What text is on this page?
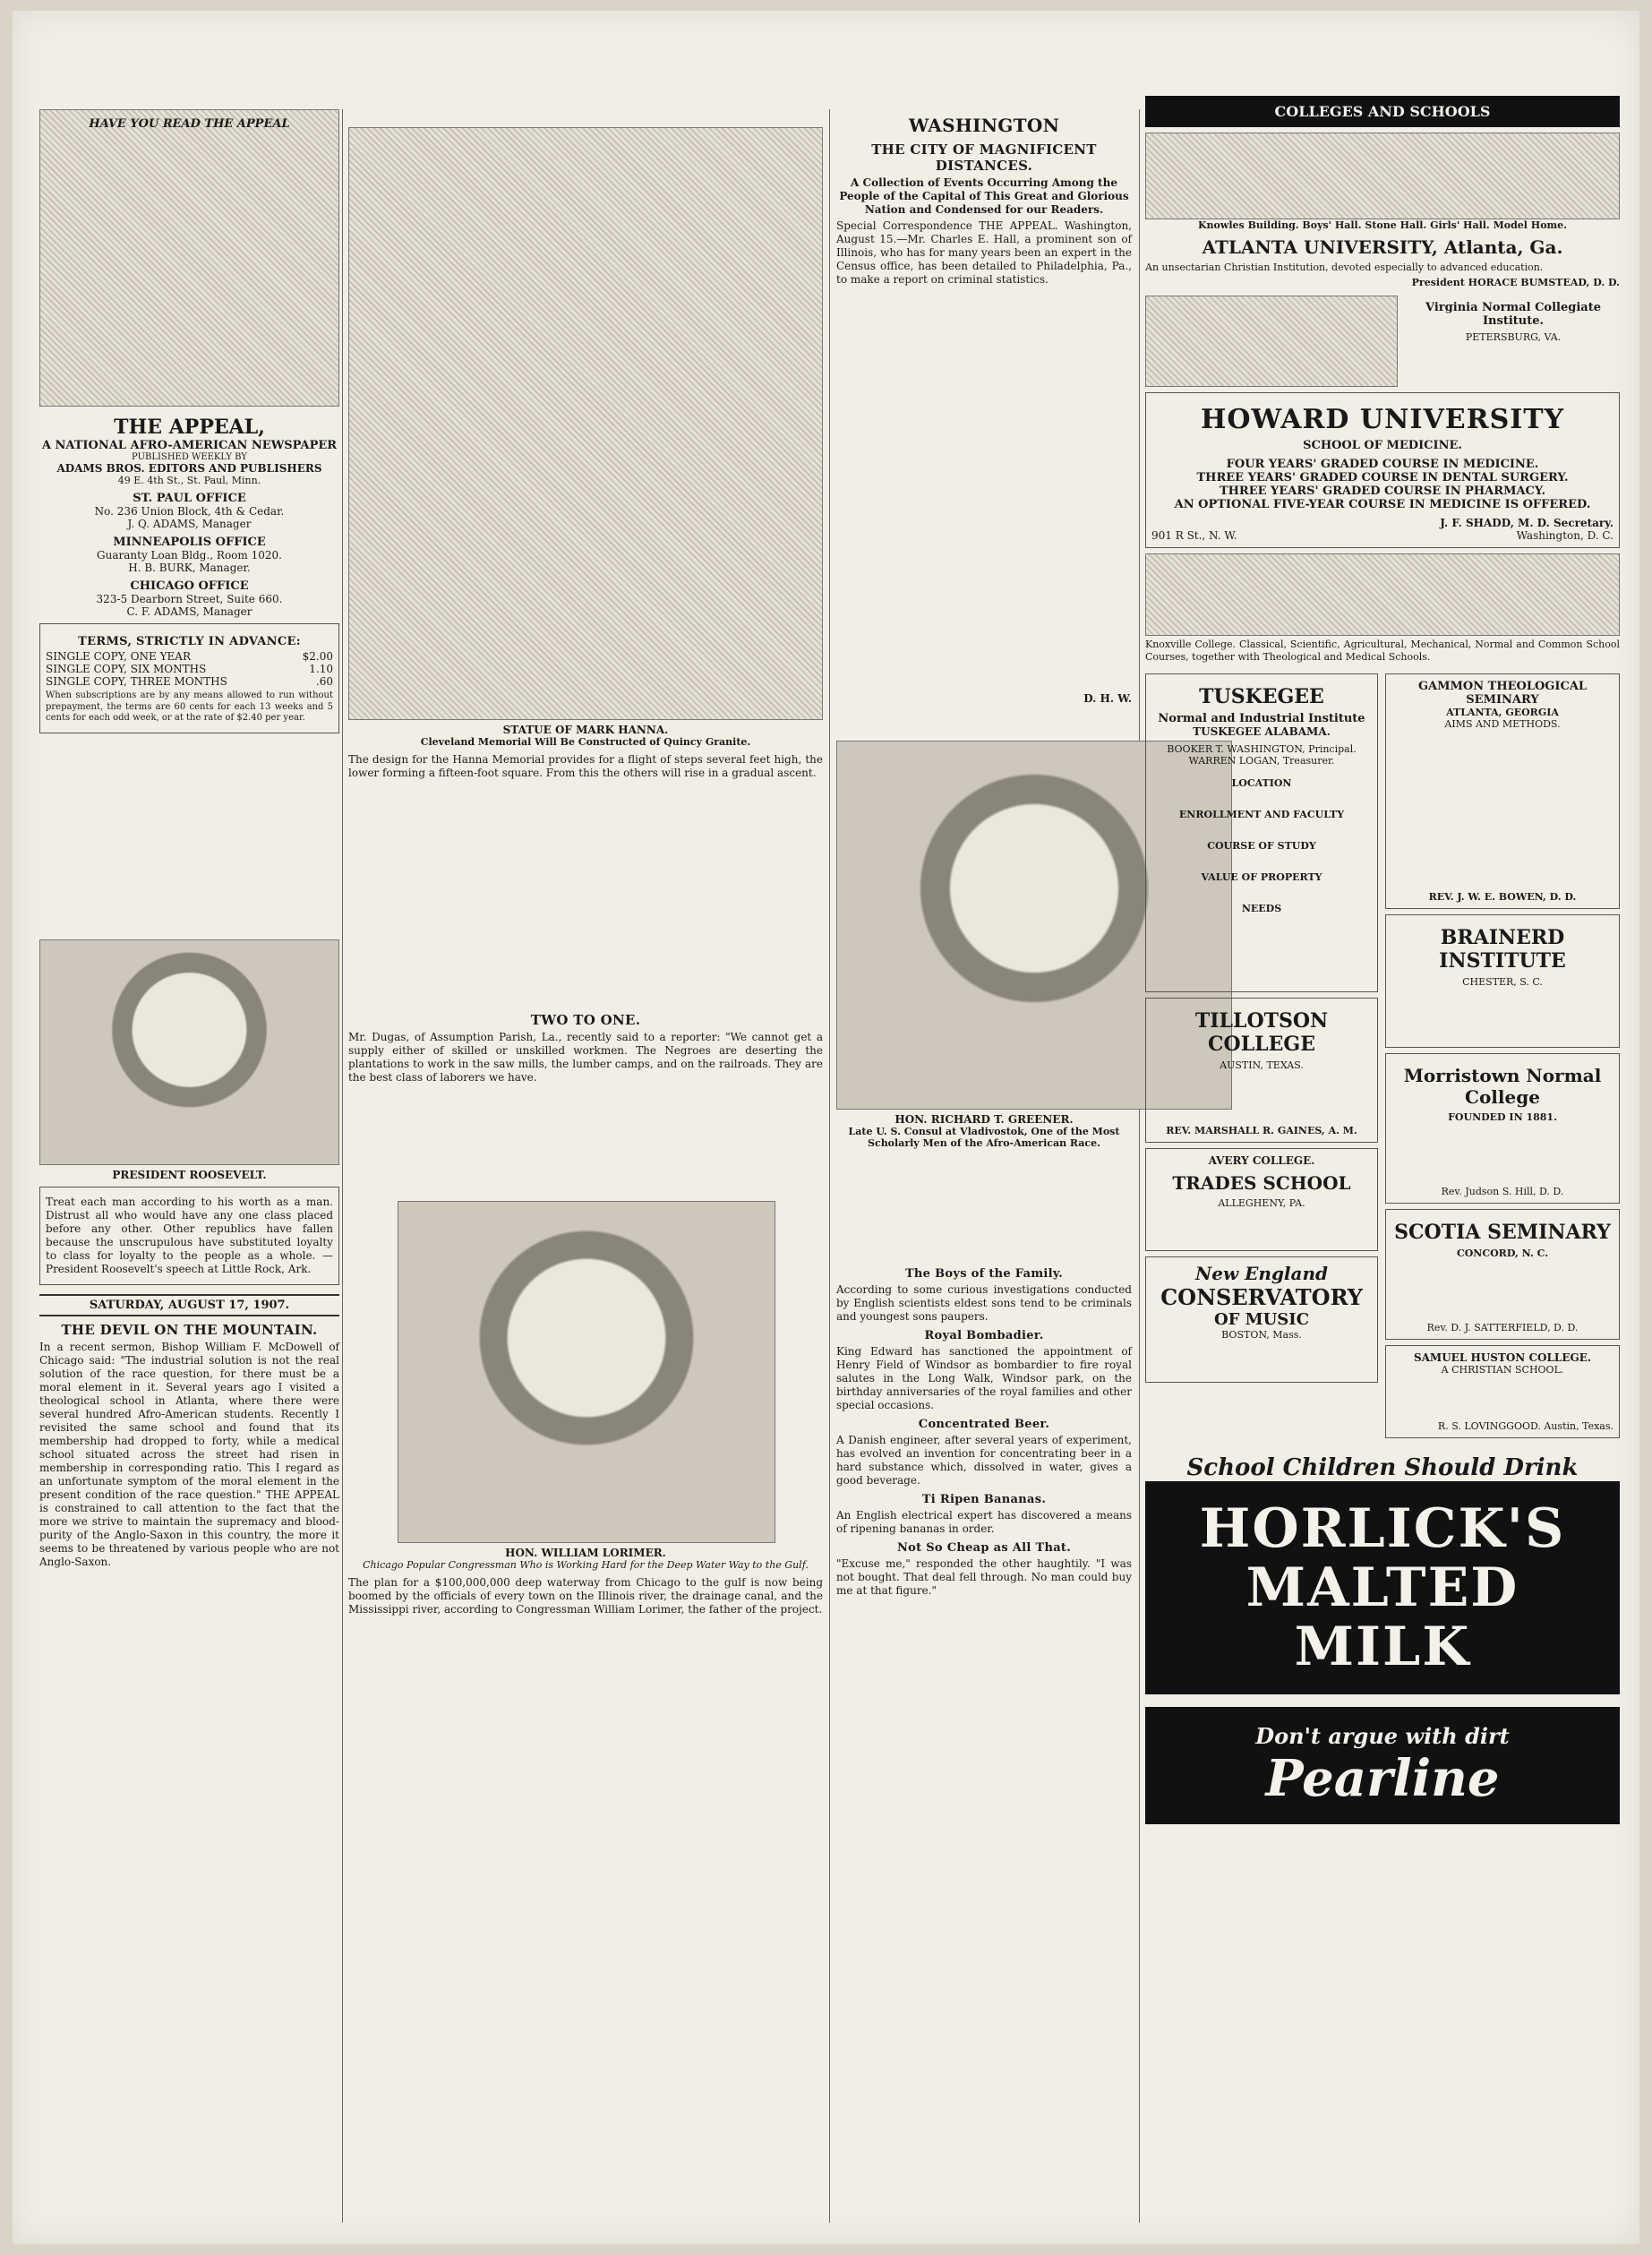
HAVE YOU READ THE APPEAL
THE APPEAL,
A NATIONAL AFRO-AMERICAN NEWSPAPER
PUBLISHED WEEKLY BY
ADAMS BROS. EDITORS AND PUBLISHERS
49 E. 4th St., St. Paul, Minn.
ST. PAUL OFFICE
No. 236 Union Block, 4th & Cedar.
J. Q. ADAMS, Manager
MINNEAPOLIS OFFICE
Guaranty Loan Bldg., Room 1020.
H. B. BURK, Manager.
CHICAGO OFFICE
323-5 Dearborn Street, Suite 660.
C. F. ADAMS, Manager
TERMS, STRICTLY IN ADVANCE:
SINGLE COPY, ONE YEAR	$2.00
SINGLE COPY, SIX MONTHS	1.10
SINGLE COPY, THREE MONTHS	.60

When subscriptions are by any means allowed to run without prepayment, the terms are 60 cents for each 13 weeks and 5 cents for each odd week, or at the rate of $2.40 per year.

PRESIDENT ROOSEVELT.

Treat each man according to his worth as a man. Distrust all who would have any one class placed before any other. Other republics have fallen because the unscrupulous have substituted loyalty to class for loyalty to the people as a whole. —President Roosevelt's speech at Little Rock, Ark.

SATURDAY, AUGUST 17, 1907.
THE DEVIL ON THE MOUNTAIN.

In a recent sermon, Bishop William F. McDowell of Chicago said: "The industrial solution is not the real solution of the race question, for there must be a moral element in it. Several years ago I visited a theological school in Atlanta, where there were several hundred Afro-American students. Recently I revisited the same school and found that its membership had dropped to forty, while a medical school situated across the street had risen in membership in corresponding ratio. This I regard as an unfortunate symptom of the moral element in the present condition of the race question." THE APPEAL is constrained to call attention to the fact that the more we strive to maintain the supremacy and blood-purity of the Anglo-Saxon in this country, the more it seems to be threatened by various people who are not Anglo-Saxon.

STATUE OF MARK HANNA.
Cleveland Memorial Will Be Constructed of Quincy Granite.

The design for the Hanna Memorial provides for a flight of steps several feet high, the lower forming a fifteen-foot square. From this the others will rise in a gradual ascent.

TWO TO ONE.

Mr. Dugas, of Assumption Parish, La., recently said to a reporter: "We cannot get a supply either of skilled or unskilled workmen. The Negroes are deserting the plantations to work in the saw mills, the lumber camps, and on the railroads. They are the best class of laborers we have.

HON. WILLIAM LORIMER.
Chicago Popular Congressman Who is Working Hard for the Deep Water Way to the Gulf.

The plan for a $100,000,000 deep waterway from Chicago to the gulf is now being boomed by the officials of every town on the Illinois river, the drainage canal, and the Mississippi river, according to Congressman William Lorimer, the father of the project.

WASHINGTON
THE CITY OF MAGNIFICENT DISTANCES.

A Collection of Events Occurring Among the People of the Capital of This Great and Glorious Nation and Condensed for our Readers.

Special Correspondence THE APPEAL. Washington, August 15.—Mr. Charles E. Hall, a prominent son of Illinois, who has for many years been an expert in the Census office, has been detailed to Philadelphia, Pa., to make a report on criminal statistics.

D. H. W.
HON. RICHARD T. GREENER.
Late U. S. Consul at Vladivostok, One of the Most Scholarly Men of the Afro-American Race.
The Boys of the Family.

According to some curious investigations conducted by English scientists eldest sons tend to be criminals and youngest sons paupers.

Royal Bombadier.

King Edward has sanctioned the appointment of Henry Field of Windsor as bombardier to fire royal salutes in the Long Walk, Windsor park, on the birthday anniversaries of the royal families and other special occasions.

Concentrated Beer.

A Danish engineer, after several years of experiment, has evolved an invention for concentrating beer in a hard substance which, dissolved in water, gives a good beverage.

Ti Ripen Bananas.

An English electrical expert has discovered a means of ripening bananas in order.

Not So Cheap as All That.

"Excuse me," responded the other haughtily. "I was not bought. That deal fell through. No man could buy me at that figure."

COLLEGES AND SCHOOLS
Knowles Building. Boys' Hall. Stone Hall. Girls' Hall. Model Home.
ATLANTA UNIVERSITY, Atlanta, Ga.

An unsectarian Christian Institution, devoted especially to advanced education.

President HORACE BUMSTEAD, D. D.
Virginia Normal Collegiate Institute.
PETERSBURG, VA.
HOWARD UNIVERSITY
SCHOOL OF MEDICINE.
FOUR YEARS' GRADED COURSE IN MEDICINE.
THREE YEARS' GRADED COURSE IN DENTAL SURGERY.
THREE YEARS' GRADED COURSE IN PHARMACY.
AN OPTIONAL FIVE-YEAR COURSE IN MEDICINE IS OFFERED.
J. F. SHADD, M. D. Secretary.
901 R St., N. W.	Washington, D. C.

Knoxville College. Classical, Scientific, Agricultural, Mechanical, Normal and Common School Courses, together with Theological and Medical Schools.

TUSKEGEE
Normal and Industrial Institute
TUSKEGEE ALABAMA.
BOOKER T. WASHINGTON, Principal.
WARREN LOGAN, Treasurer.
LOCATION
ENROLLMENT AND FACULTY
COURSE OF STUDY
VALUE OF PROPERTY
NEEDS
TILLOTSON COLLEGE
AUSTIN, TEXAS.
REV. MARSHALL R. GAINES, A. M.
AVERY COLLEGE.
TRADES SCHOOL
ALLEGHENY, PA.
New England
CONSERVATORY
OF MUSIC
BOSTON, Mass.
GAMMON THEOLOGICAL SEMINARY
ATLANTA, GEORGIA
AIMS AND METHODS.
REV. J. W. E. BOWEN, D. D.
BRAINERD INSTITUTE
CHESTER, S. C.
Morristown Normal College
FOUNDED IN 1881.
Rev. Judson S. Hill, D. D.
SCOTIA SEMINARY
CONCORD, N. C.
Rev. D. J. SATTERFIELD, D. D.
SAMUEL HUSTON COLLEGE.
A CHRISTIAN SCHOOL.
R. S. LOVINGGOOD. Austin, Texas.
School Children Should Drink
HORLICK'S
MALTED MILK
Don't argue with dirt
Pearline
